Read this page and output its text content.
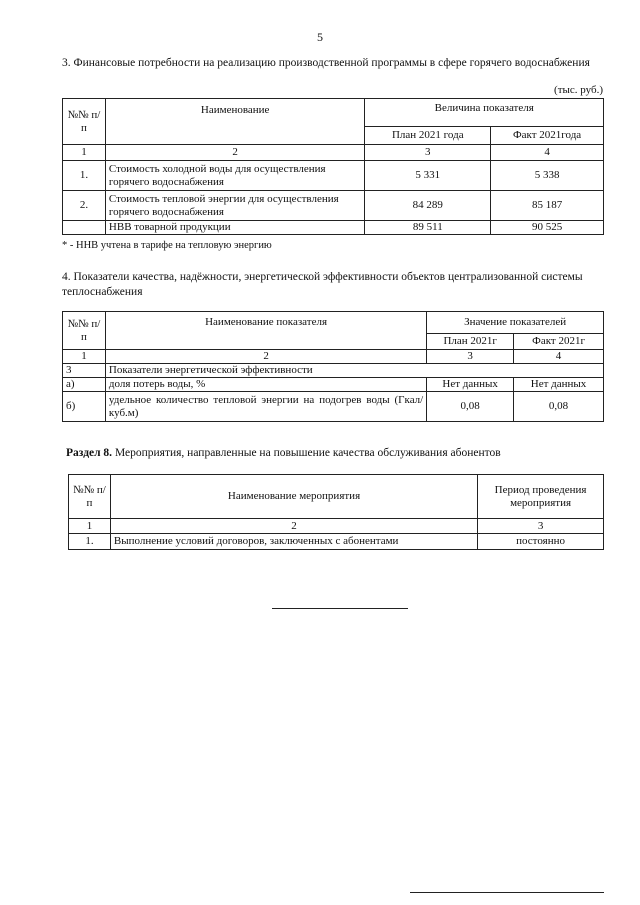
5
3. Финансовые потребности на реализацию производственной программы в сфере горячего водоснабжения
(тыс. руб.)
№№ п/п	Наименование	Величина показателя	
		План 2021 года	Факт 2021года
1	2	3	4
1.	Стоимость холодной воды для осуществления горячего водоснабжения	5 331	5 338
2.	Стоимость тепловой энергии для осуществления горячего водоснабжения	84 289	85 187
	НВВ товарной продукции	89 511	90 525
* - ННВ учтена в тарифе на тепловую энергию
4. Показатели качества, надёжности, энергетической эффективности объектов централизованной системы теплоснабжения
№№ п/п	Наименование показателя	Значение показателей	
		План 2021г	Факт 2021г
1	2	3	4
3	Показатели энергетической эффективности		
а)	доля потерь воды, %	Нет данных	Нет данных
б)	удельное количество тепловой энергии на подогрев воды (Гкал/куб.м)	0,08	0,08
Раздел 8. Мероприятия, направленные на повышение качества обслуживания абонентов
№№ п/п	Наименование мероприятия	Период проведения мероприятия
1	2	3
1.	Выполнение условий договоров, заключенных с абонентами	постоянно
